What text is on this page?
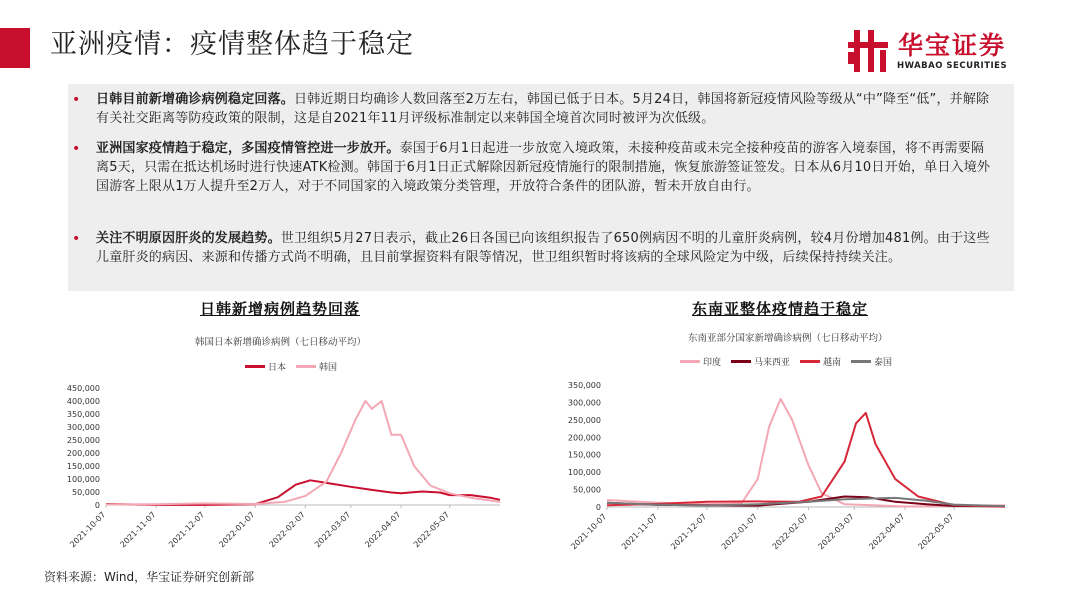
亚洲疫情：疫情整体趋于稳定	华宝证券
HWABAO SECURITIES
• 日韩目前新增确诊病例稳定回落。日韩近期日均确诊人数回落至2万左右，韩国已低于日本。5月24日，韩国将新冠疫情风险等级从“中”降至“低”，并解除有关社交距离等防疫政策的限制，这是自2021年11月评级标准制定以来韩国全境首次同时被评为次低级。
• 亚洲国家疫情趋于稳定，多国疫情管控进一步放开。泰国于6月1日起进一步放宽入境政策，未接种疫苗或未完全接种疫苗的游客入境泰国，将不再需要隔离5天，只需在抵达机场时进行快速ATK检测。韩国于6月1日正式解除因新冠疫情施行的限制措施，恢复旅游签证签发。日本从6月10日开始，单日入境外国游客上限从1万人提升至2万人，对于不同国家的入境政策分类管理，开放符合条件的团队游，暂未开放自由行。
• 关注不明原因肝炎的发展趋势。世卫组织5月27日表示，截止26日各国已向该组织报告了650例病因不明的儿童肝炎病例，较4月份增加481例。由于这些儿童肝炎的病因、来源和传播方式尚不明确，且目前掌握资料有限等情况，世卫组织暂时将该病的全球风险定为中级，后续保持持续关注。
日韩新增病例趋势回落
韩国日本新增确诊病例（七日移动平均）
日本	韩国
0
50,000
100,000
150,000
200,000
250,000
300,000
350,000
400,000
450,000
2021-10-07 2021-11-07 2021-12-07 2022-01-07 2022-02-07 2022-03-07 2022-04-07 2022-05-07
东南亚整体疫情趋于稳定
东南亚部分国家新增确诊病例（七日移动平均）
印度	马来西亚	越南	泰国
0
50,000
100,000
150,000
200,000
250,000
300,000
350,000
2021-10-07 2021-11-07 2021-12-07 2022-01-07 2022-02-07 2022-03-07 2022-04-07 2022-05-07
资料来源：Wind，华宝证券研究创新部
